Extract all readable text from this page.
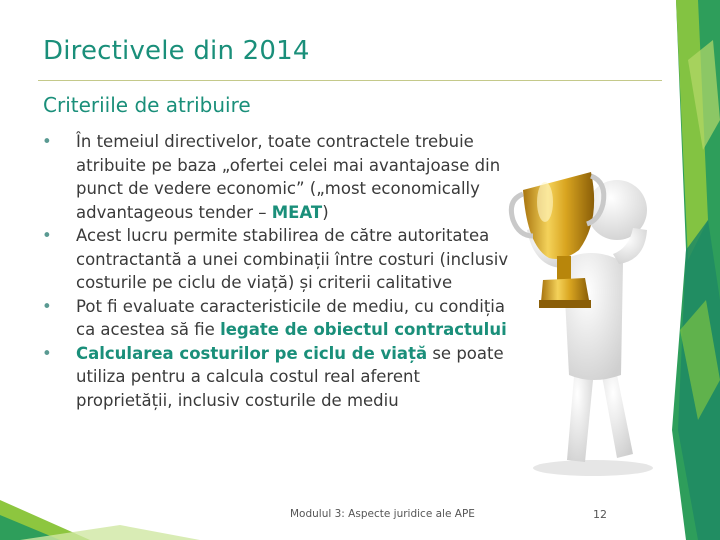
Directivele din 2014
Criteriile de atribuire
• În temeiul directivelor, toate contractele trebuie atribuite pe baza „ofertei celei mai avantajoase din punct de vedere economic” („most economically advantageous tender – MEAT)
• Acest lucru permite stabilirea de către autoritatea contractantă a unei combinații între costuri (inclusiv costurile pe ciclu de viață) și criterii calitative
• Pot fi evaluate caracteristicile de mediu, cu condiția ca acestea să fie legate de obiectul contractului
• Calcularea costurilor pe ciclu de viață se poate utiliza pentru a calcula costul real aferent proprietății, inclusiv costurile de mediu
Modulul 3: Aspecte juridice ale APE	12
